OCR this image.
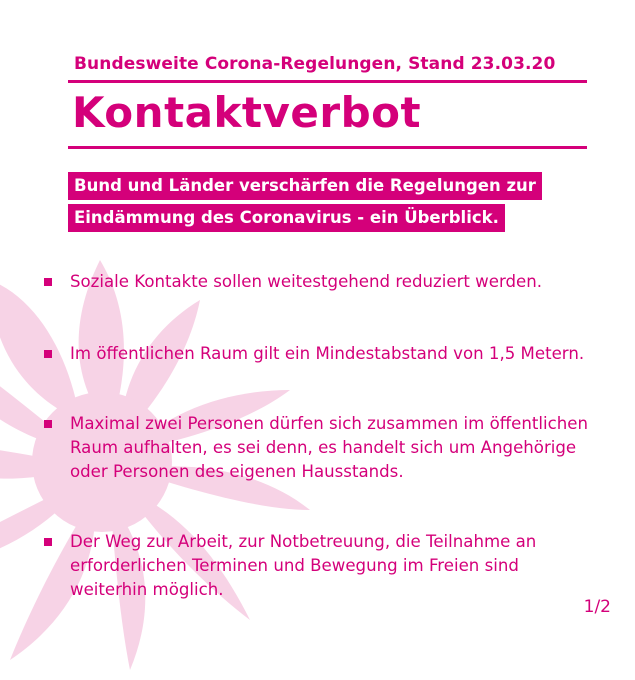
Bundesweite Corona-Regelungen, Stand 23.03.20
Kontaktverbot
Bund und Länder verschärfen die Regelungen zur
Eindämmung des Coronavirus - ein Überblick.
Soziale Kontakte sollen weitestgehend reduziert werden.
Im öffentlichen Raum gilt ein Mindestabstand von 1,5 Metern.
Maximal zwei Personen dürfen sich zusammen im öffentlichen Raum aufhalten, es sei denn, es handelt sich um Angehörige oder Personen des eigenen Hausstands.
Der Weg zur Arbeit, zur Notbetreuung, die Teilnahme an erforderlichen Terminen und Bewegung im Freien sind weiterhin möglich.
1/2
